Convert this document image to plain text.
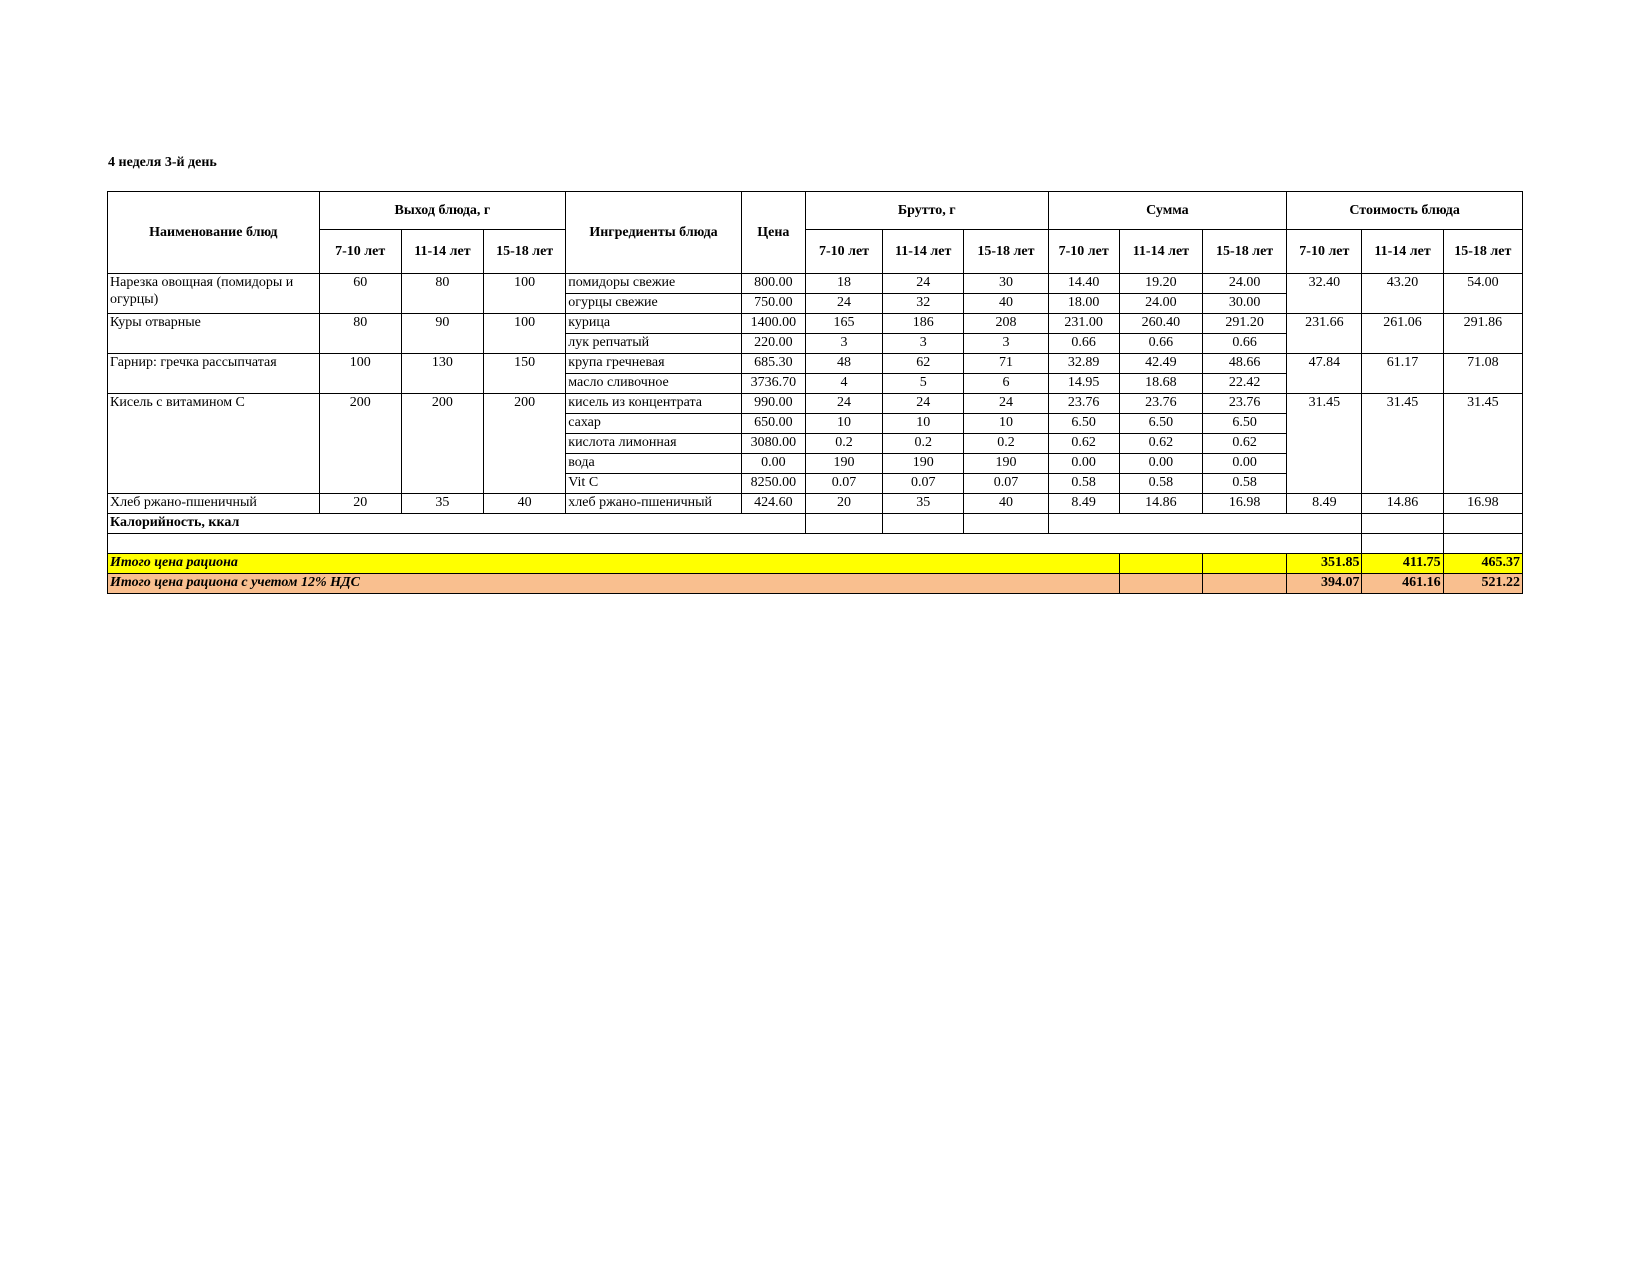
4 неделя 3-й день
Наименование блюд	Выход блюда, г			Ингредиенты блюда	Цена	Брутто, г			Сумма			Стоимость блюда		
	7-10 лет	11-14 лет	15-18 лет			7-10 лет	11-14 лет	15-18 лет	7-10 лет	11-14 лет	15-18 лет	7-10 лет	11-14 лет	15-18 лет
Нарезка овощная (помидоры и огурцы)	60	80	100	помидоры свежие	800.00	18	24	30	14.40	19.20	24.00	32.40	43.20	54.00
				огурцы свежие	750.00	24	32	40	18.00	24.00	30.00			
Куры отварные	80	90	100	курица	1400.00	165	186	208	231.00	260.40	291.20	231.66	261.06	291.86
				лук репчатый	220.00	3	3	3	0.66	0.66	0.66			
Гарнир: гречка рассыпчатая	100	130	150	крупа гречневая	685.30	48	62	71	32.89	42.49	48.66	47.84	61.17	71.08
				масло сливочное	3736.70	4	5	6	14.95	18.68	22.42			
Кисель с витамином С	200	200	200	кисель из концентрата	990.00	24	24	24	23.76	23.76	23.76	31.45	31.45	31.45
				сахар	650.00	10	10	10	6.50	6.50	6.50			
				кислота лимонная	3080.00	0.2	0.2	0.2	0.62	0.62	0.62			
				вода	0.00	190	190	190	0.00	0.00	0.00			
				Vit C	8250.00	0.07	0.07	0.07	0.58	0.58	0.58			
Хлеб ржано-пшеничный	20	35	40	хлеб ржано-пшеничный	424.60	20	35	40	8.49	14.86	16.98	8.49	14.86	16.98
Калорийность, ккал														

Итого цена рациона												351.85	411.75	465.37
Итого цена рациона с учетом 12% НДС												394.07	461.16	521.22
